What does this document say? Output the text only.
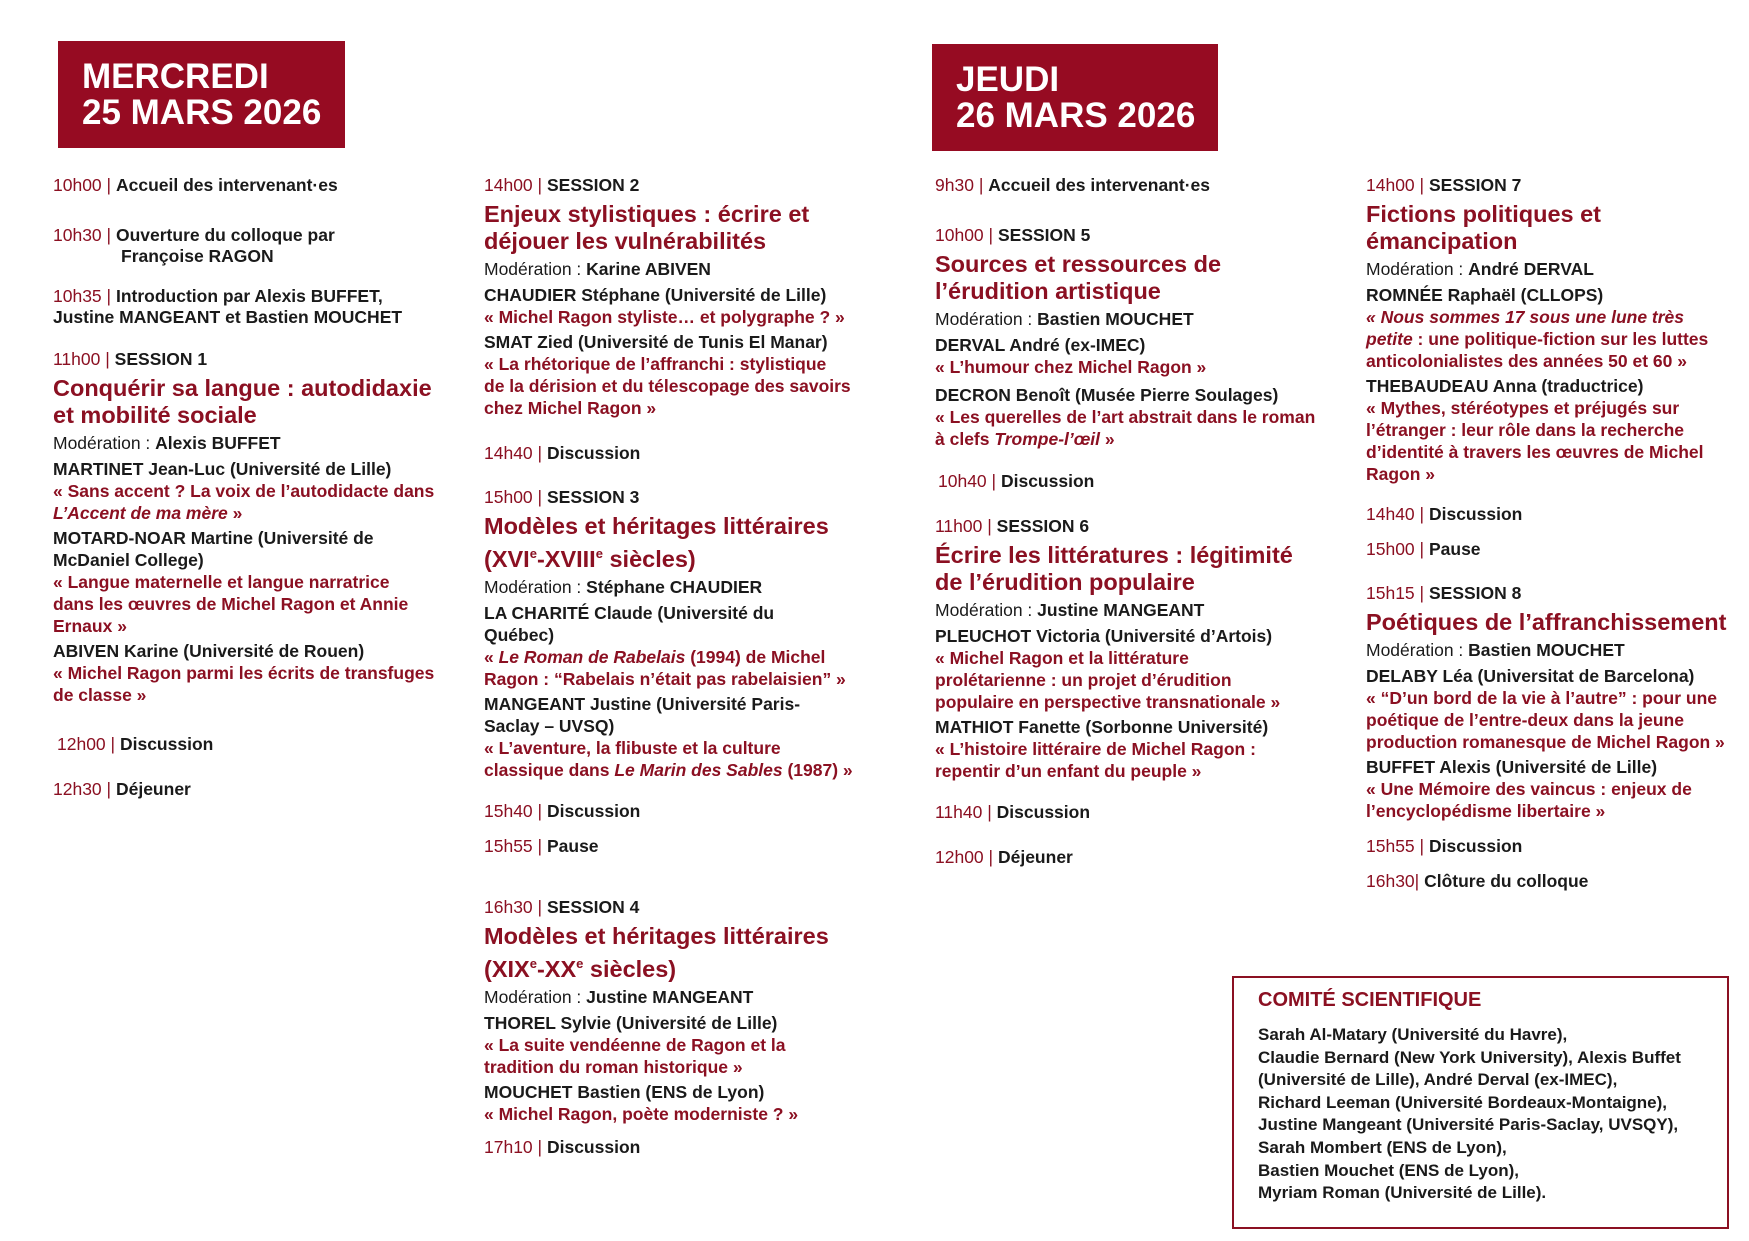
MERCREDI
25 MARS 2026
JEUDI
26 MARS 2026
10h00 | Accueil des intervenant·es
10h30 | Ouverture du colloque par
Françoise RAGON
10h35 | Introduction par Alexis BUFFET,
Justine MANGEANT et Bastien MOUCHET
11h00 | SESSION 1
Conquérir sa langue : autodidaxie
et mobilité sociale
Modération : Alexis BUFFET
MARTINET Jean-Luc (Université de Lille)
« Sans accent ? La voix de l’autodidacte dans
L’Accent de ma mère »
MOTARD-NOAR Martine (Université de
McDaniel College)
« Langue maternelle et langue narratrice
dans les œuvres de Michel Ragon et Annie
Ernaux »
ABIVEN Karine (Université de Rouen)
« Michel Ragon parmi les écrits de transfuges
de classe »
12h00 | Discussion
12h30 | Déjeuner
14h00 | SESSION 2
Enjeux stylistiques : écrire et
déjouer les vulnérabilités
Modération : Karine ABIVEN
CHAUDIER Stéphane (Université de Lille)
« Michel Ragon styliste… et polygraphe ? »
SMAT Zied (Université de Tunis El Manar)
« La rhétorique de l’affranchi : stylistique
de la dérision et du télescopage des savoirs
chez Michel Ragon »
14h40 | Discussion
15h00 | SESSION 3
Modèles et héritages littéraires
(XVIe-XVIIIe siècles)
Modération : Stéphane CHAUDIER
LA CHARITÉ Claude (Université du
Québec)
« Le Roman de Rabelais (1994) de Michel
Ragon : “Rabelais n’était pas rabelaisien” »
MANGEANT Justine (Université Paris-
Saclay – UVSQ)
« L’aventure, la flibuste et la culture
classique dans Le Marin des Sables (1987) »
15h40 | Discussion
15h55 | Pause
16h30 | SESSION 4
Modèles et héritages littéraires
(XIXe-XXe siècles)
Modération : Justine MANGEANT
THOREL Sylvie (Université de Lille)
« La suite vendéenne de Ragon et la
tradition du roman historique »
MOUCHET Bastien (ENS de Lyon)
« Michel Ragon, poète moderniste ? »
17h10 | Discussion
9h30 | Accueil des intervenant·es
10h00 | SESSION 5
Sources et ressources de
l’érudition artistique
Modération : Bastien MOUCHET
DERVAL André (ex-IMEC)
« L’humour chez Michel Ragon »
DECRON Benoît (Musée Pierre Soulages)
« Les querelles de l’art abstrait dans le roman
à clefs Trompe-l’œil »
10h40 | Discussion
11h00 | SESSION 6
Écrire les littératures : légitimité
de l’érudition populaire
Modération : Justine MANGEANT
PLEUCHOT Victoria (Université d’Artois)
« Michel Ragon et la littérature
prolétarienne : un projet d’érudition
populaire en perspective transnationale »
MATHIOT Fanette (Sorbonne Université)
« L’histoire littéraire de Michel Ragon :
repentir d’un enfant du peuple »
11h40 | Discussion
12h00 | Déjeuner
14h00 | SESSION 7
Fictions politiques et
émancipation
Modération : André DERVAL
ROMNÉE Raphaël (CLLOPS)
« Nous sommes 17 sous une lune très
petite : une politique-fiction sur les luttes
anticolonialistes des années 50 et 60 »
THEBAUDEAU Anna (traductrice)
« Mythes, stéréotypes et préjugés sur
l’étranger : leur rôle dans la recherche
d’identité à travers les œuvres de Michel
Ragon »
14h40 | Discussion
15h00 | Pause
15h15 | SESSION 8
Poétiques de l’affranchissement
Modération : Bastien MOUCHET
DELABY Léa (Universitat de Barcelona)
« “D’un bord de la vie à l’autre” : pour une
poétique de l’entre-deux dans la jeune
production romanesque de Michel Ragon »
BUFFET Alexis (Université de Lille)
« Une Mémoire des vaincus : enjeux de
l’encyclopédisme libertaire »
15h55 | Discussion
16h30| Clôture du colloque
COMITÉ SCIENTIFIQUE
Sarah Al-Matary (Université du Havre),
Claudie Bernard (New York University), Alexis Buffet
(Université de Lille), André Derval (ex-IMEC),
Richard Leeman (Université Bordeaux-Montaigne),
Justine Mangeant (Université Paris-Saclay, UVSQY),
Sarah Mombert (ENS de Lyon),
Bastien Mouchet (ENS de Lyon),
Myriam Roman (Université de Lille).
